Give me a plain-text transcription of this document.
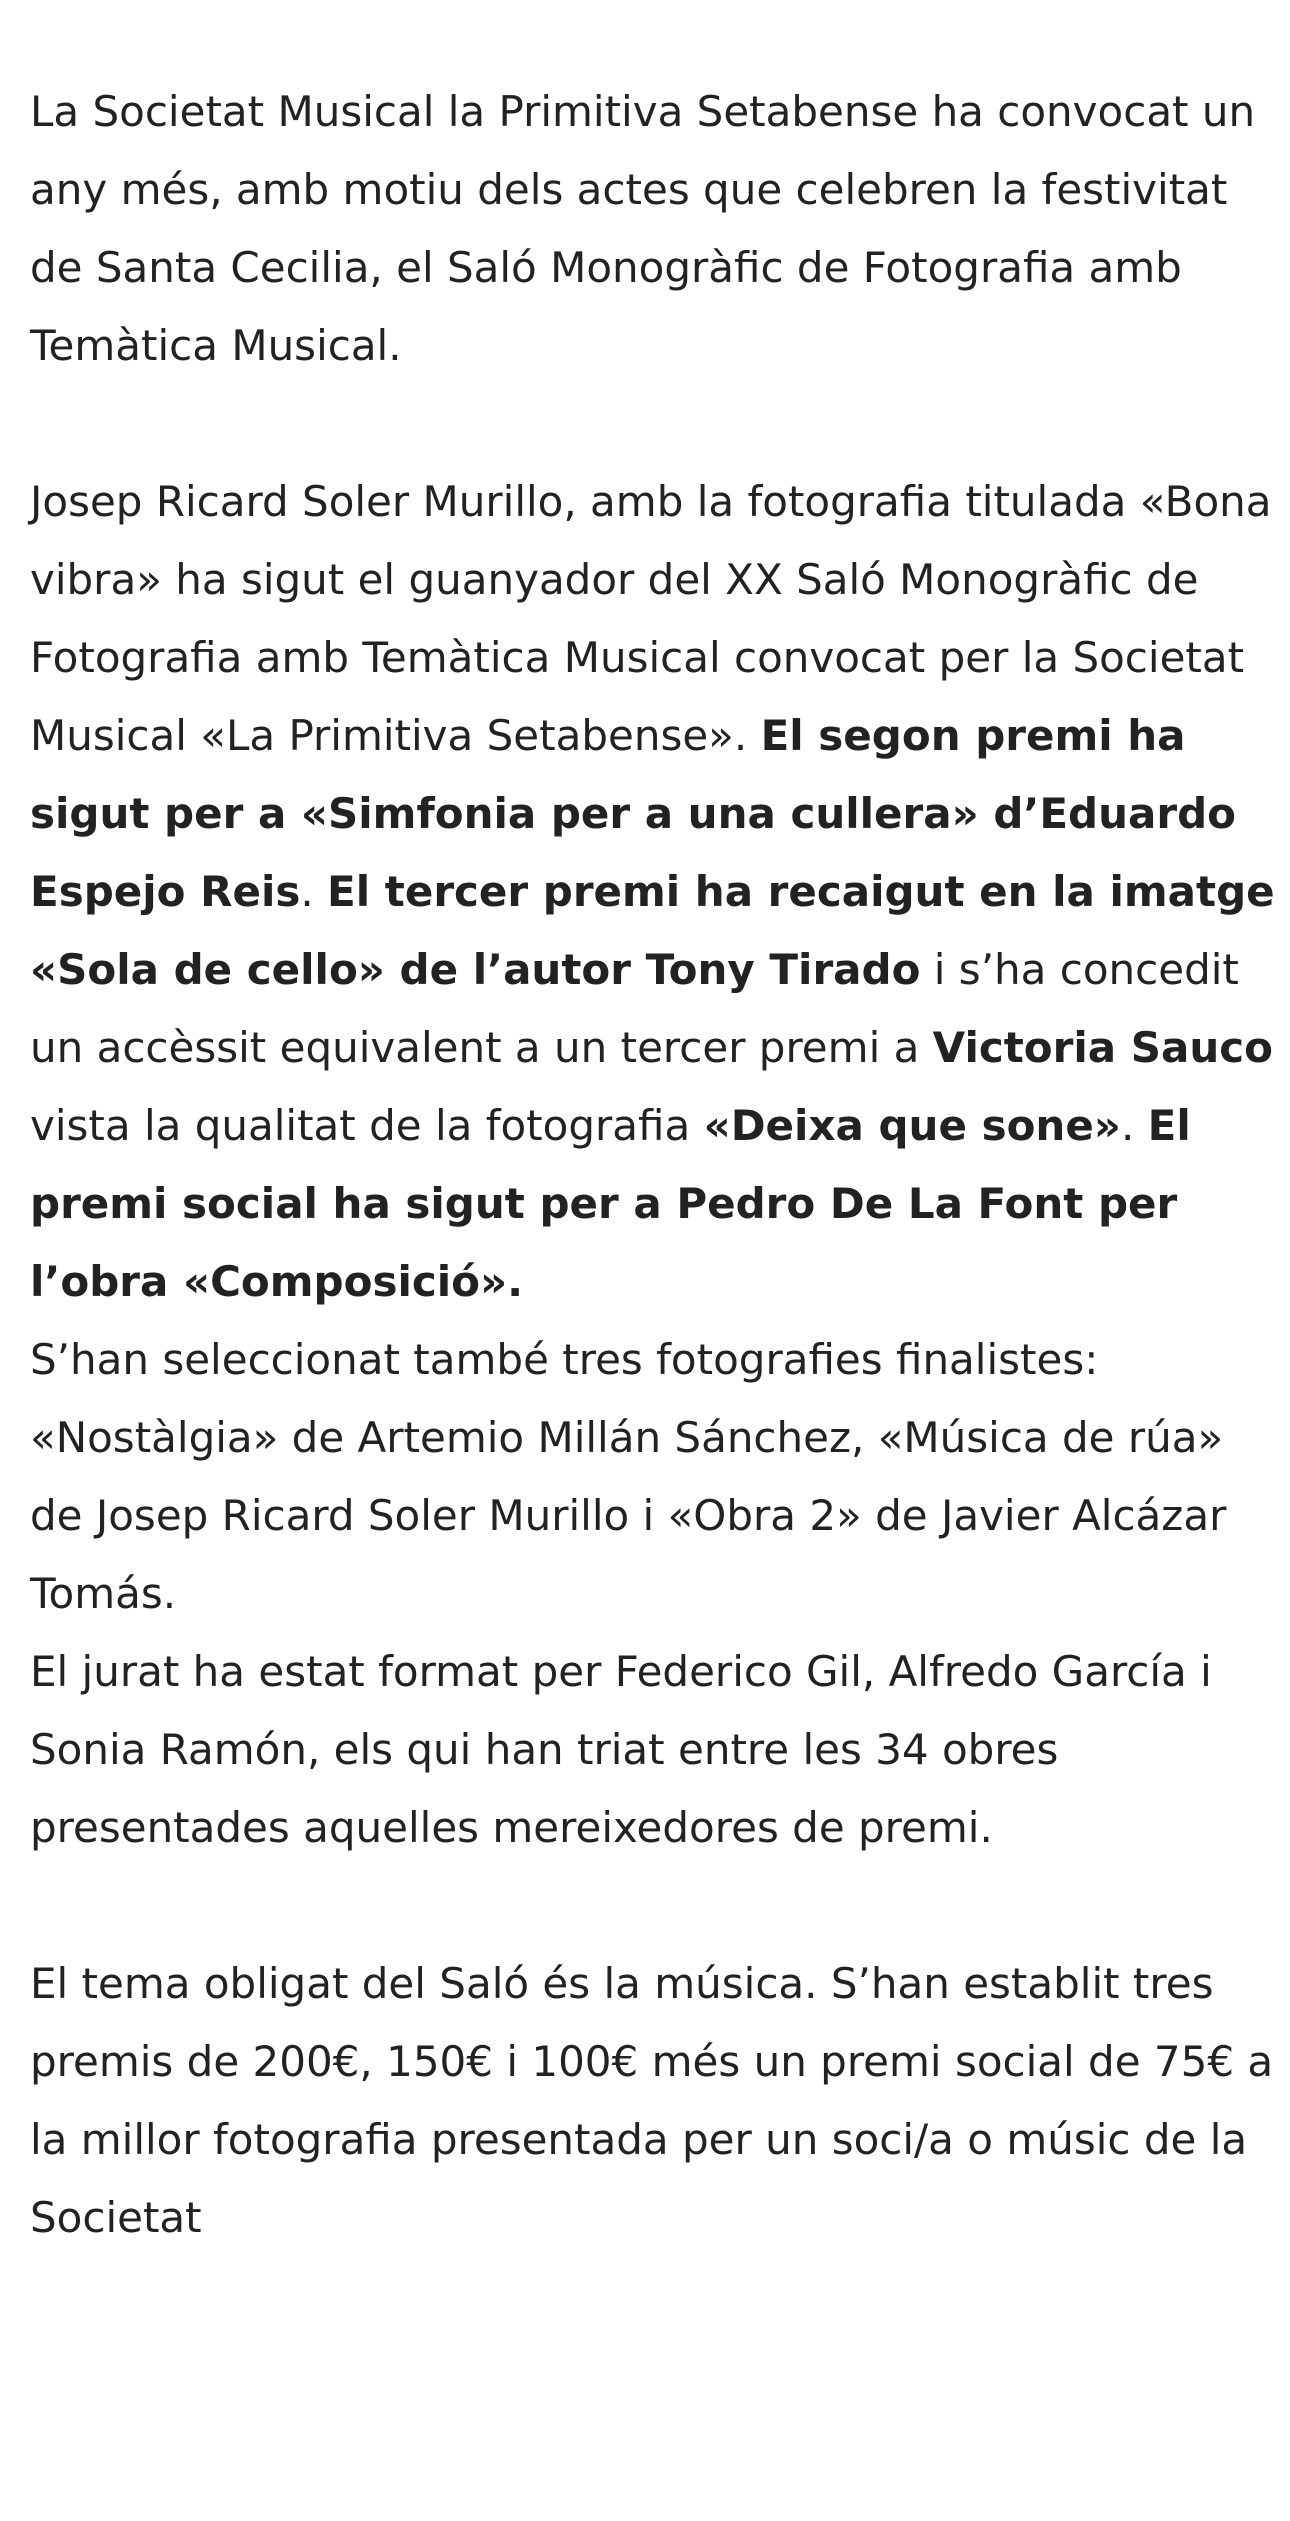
La Societat Musical la Primitiva Setabense ha convocat un any més, amb motiu dels actes que celebren la festivitat de Santa Cecilia, el Saló Monogràfic de Fotografia amb Temàtica Musical.

Josep Ricard Soler Murillo, amb la fotografia titulada «Bona vibra» ha sigut el guanyador del XX Saló Monogràfic de Fotografia amb Temàtica Musical convocat per la Societat Musical «La Primitiva Setabense». El segon premi ha sigut per a «Simfonia per a una cullera» d’Eduardo Espejo Reis. El tercer premi ha recaigut en la imatge «Sola de cello» de l’autor Tony Tirado i s’ha concedit un accèssit equivalent a un tercer premi a Victoria Sauco vista la qualitat de la fotografia «Deixa que sone». El premi social ha sigut per a Pedro De La Font per l’obra «Composició».

S’han seleccionat també tres fotografies finalistes: «Nostàlgia» de Artemio Millán Sánchez, «Música de rúa» de Josep Ricard Soler Murillo i «Obra 2» de Javier Alcázar Tomás.

El jurat ha estat format per Federico Gil, Alfredo García i Sonia Ramón, els qui han triat entre les 34 obres presentades aquelles mereixedores de premi.

El tema obligat del Saló és la música. S’han establit tres premis de 200€, 150€ i 100€ més un premi social de 75€ a la millor fotografia presentada per un soci/a o músic de la Societat
